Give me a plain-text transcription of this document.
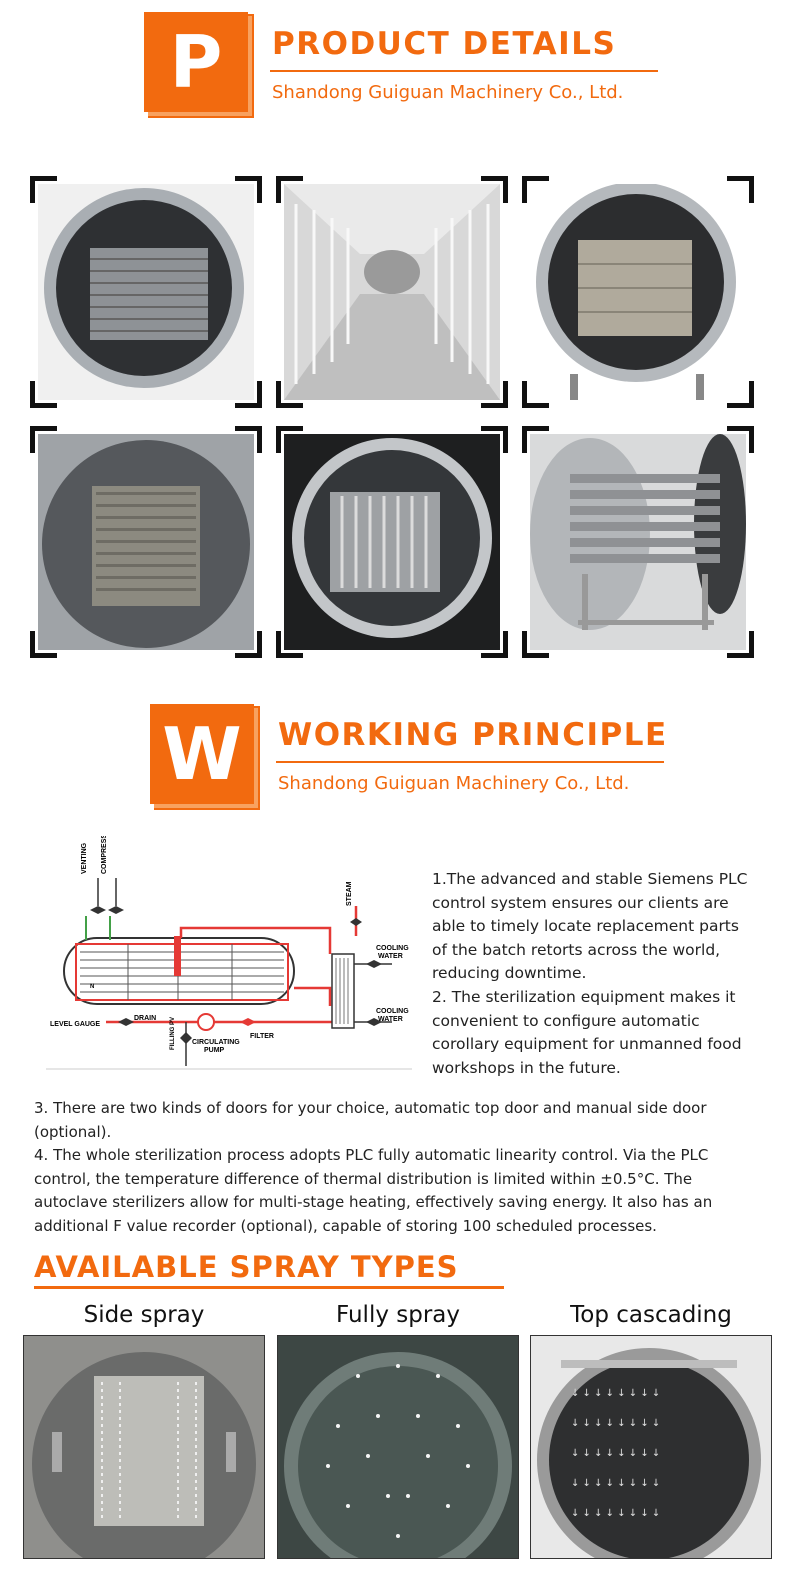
P PRODUCT DETAILS
Shandong Guiguan Machinery Co., Ltd.
W WORKING PRINCIPLE
Shandong Guiguan Machinery Co., Ltd.
VENTING COMPRESSED AIR
STEAM
COOLING
WATER
COOLING
WATER
LEVEL GAUGE
DRAIN FILLING PV CIRCULATING
PUMP
FILTER
N
1.The advanced and stable Siemens PLC control system ensures our clients are able to timely locate replacement parts of the batch retorts across the world, reducing downtime.
2. The sterilization equipment makes it convenient to configure automatic corollary equipment for unmanned food workshops in the future.
3. There are two kinds of doors for your choice, automatic top door and manual side door (optional).
4. The whole sterilization process adopts PLC fully automatic linearity control. Via the PLC control, the temperature difference of thermal distribution is limited within ±0.5°C. The autoclave sterilizers allow for multi-stage heating, effectively saving energy. It also has an additional F value recorder (optional), capable of storing 100 scheduled processes.
AVAILABLE SPRAY TYPES
Side spray	Fully spray	Top cascading
↓ ↓ ↓ ↓ ↓ ↓ ↓ ↓
↓ ↓ ↓ ↓ ↓ ↓ ↓ ↓
↓ ↓ ↓ ↓ ↓ ↓ ↓ ↓
↓ ↓ ↓ ↓ ↓ ↓ ↓ ↓
↓ ↓ ↓ ↓ ↓ ↓ ↓ ↓
